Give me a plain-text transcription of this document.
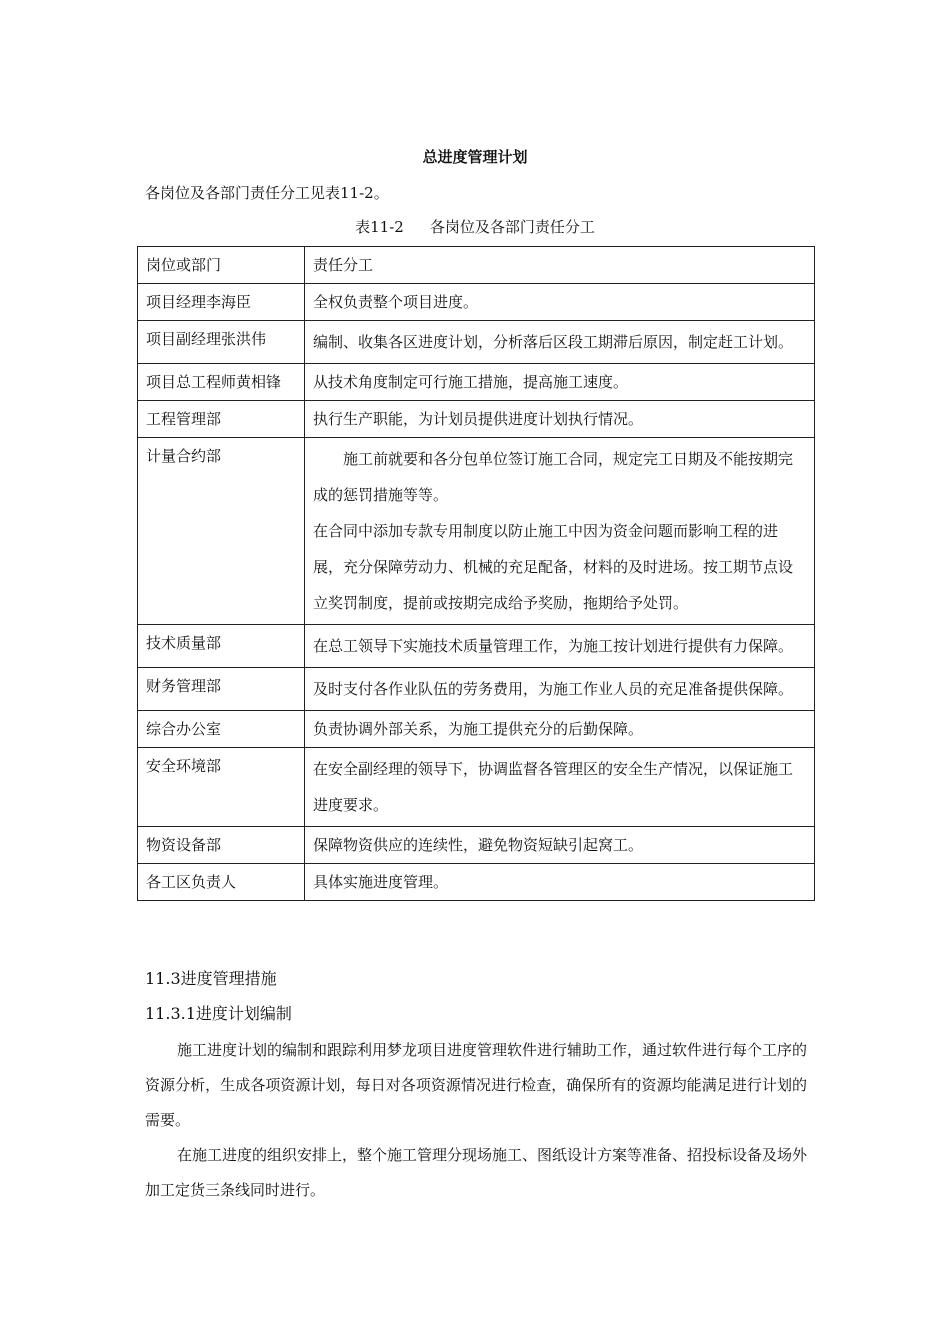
总进度管理计划
各岗位及各部门责任分工见表11-2。
表11-2 各岗位及各部门责任分工
岗位或部门	责任分工
项目经理李海臣	全权负责整个项目进度。
项目副经理张洪伟	编制、收集各区进度计划，分析落后区段工期滞后原因，制定赶工计划。
项目总工程师黄相锋	从技术角度制定可行施工措施，提高施工速度。
工程管理部	执行生产职能，为计划员提供进度计划执行情况。
计量合约部	施工前就要和各分包单位签订施工合同，规定完工日期及不能按期完成的惩罚措施等等。
在合同中添加专款专用制度以防止施工中因为资金问题而影响工程的进展，充分保障劳动力、机械的充足配备，材料的及时进场。按工期节点设立奖罚制度，提前或按期完成给予奖励，拖期给予处罚。

技术质量部	在总工领导下实施技术质量管理工作，为施工按计划进行提供有力保障。
财务管理部	及时支付各作业队伍的劳务费用，为施工作业人员的充足准备提供保障。
综合办公室	负责协调外部关系，为施工提供充分的后勤保障。
安全环境部	在安全副经理的领导下，协调监督各管理区的安全生产情况，以保证施工进度要求。
物资设备部	保障物资供应的连续性，避免物资短缺引起窝工。
各工区负责人	具体实施进度管理。
11.3进度管理措施
11.3.1进度计划编制
施工进度计划的编制和跟踪利用梦龙项目进度管理软件进行辅助工作，通过软件进行每个工序的资源分析，生成各项资源计划，每日对各项资源情况进行检查，确保所有的资源均能满足进行计划的需要。
在施工进度的组织安排上，整个施工管理分现场施工、图纸设计方案等准备、招投标设备及场外加工定货三条线同时进行。
